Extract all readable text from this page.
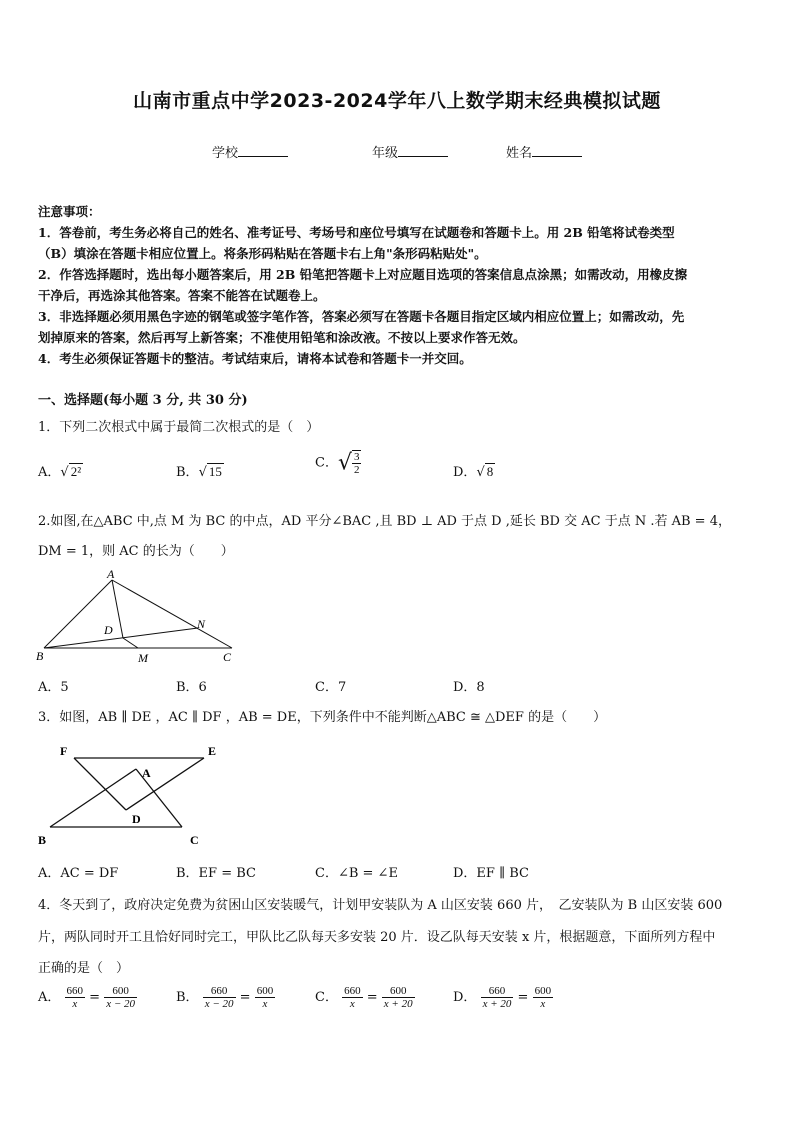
山南市重点中学2023-2024学年八上数学期末经典模拟试题
学校	年级	姓名
注意事项：
1．答卷前，考生务必将自己的姓名、准考证号、考场号和座位号填写在试题卷和答题卡上。用 2B 铅笔将试卷类型
（B）填涂在答题卡相应位置上。将条形码粘贴在答题卡右上角"条形码粘贴处"。
2．作答选择题时，选出每小题答案后，用 2B 铅笔把答题卡上对应题目选项的答案信息点涂黑；如需改动，用橡皮擦
干净后，再选涂其他答案。答案不能答在试题卷上。
3．非选择题必须用黑色字迹的钢笔或签字笔作答，答案必须写在答题卡各题目指定区域内相应位置上；如需改动，先
划掉原来的答案，然后再写上新答案；不准使用铅笔和涂改液。不按以上要求作答无效。
4．考生必须保证答题卡的整洁。考试结束后，请将本试卷和答题卡一并交回。
一、选择题(每小题 3 分, 共 30 分)
1．下列二次根式中属于最简二次根式的是（　）
A．√ 2²	B．√ 15
C．√ $\frac{3}{2}$	D．√ 8
2.如图,在△ABC 中,点 M 为 BC 的中点，AD 平分∠BAC ,且 BD ⊥ AD 于点 D ,延长 BD 交 AC 于点 N .若 AB = 4，
DM = 1，则 AC 的长为（　　）
A
B	C
D
M
N
A．5	B．6	C．7	D．8
3．如图，AB ∥ DE ，AC ∥ DF ，AB = DE，下列条件中不能判断△ABC ≅ △DEF 的是（　　）
F	E
A
D
B	C
A．AC = DF	B．EF = BC	C．∠B = ∠E	D．EF ∥ BC
4．冬天到了，政府决定免费为贫困山区安装暖气，计划甲安装队为 A 山区安装 660 片，　乙安装队为 B 山区安装 600
片，两队同时开工且恰好同时完工，甲队比乙队每天多安装 20 片．设乙队每天安装 x 片，根据题意，下面所列方程中
正确的是（　）
A． $\frac{660}{x} = \frac{600}{x - 20}$	B． $\frac{660}{x - 20} = \frac{600}{x}$	C． $\frac{660}{x} = \frac{600}{x + 20}$	D． $\frac{660}{x + 20} = \frac{600}{x}$
